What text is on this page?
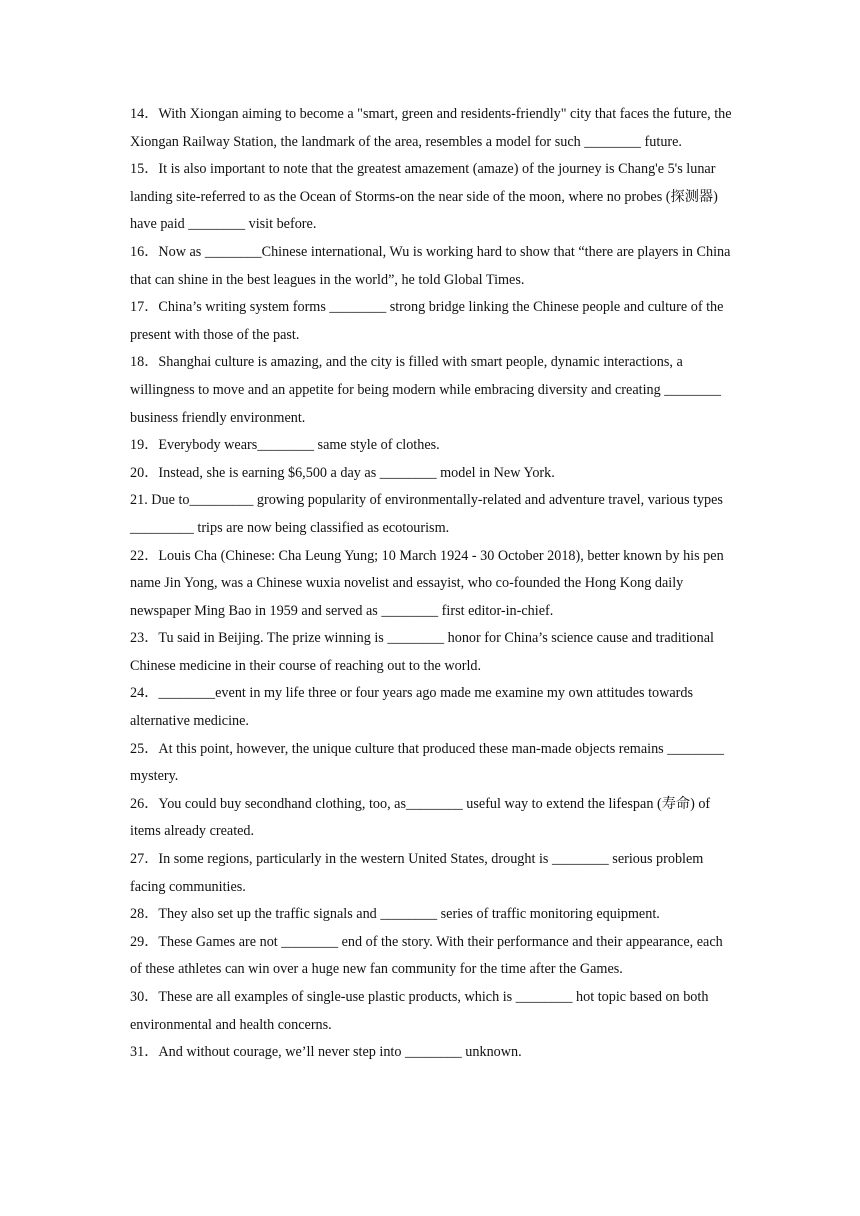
14．With Xiongan aiming to become a "smart, green and residents-friendly" city that faces the future, the Xiongan Railway Station, the landmark of the area, resembles a model for such ________ future.

15．It is also important to note that the greatest amazement (amaze) of the journey is Chang'e 5's lunar landing site-referred to as the Ocean of Storms-on the near side of the moon, where no probes (探测器) have paid ________ visit before.

16．Now as ________Chinese international, Wu is working hard to show that “there are players in China that can shine in the best leagues in the world”, he told Global Times.

17．China’s writing system forms ________ strong bridge linking the Chinese people and culture of the present with those of the past.

18．Shanghai culture is amazing, and the city is filled with smart people, dynamic interactions, a willingness to move and an appetite for being modern while embracing diversity and creating ________ business friendly environment.

19．Everybody wears________ same style of clothes.

20．Instead, she is earning $6,500 a day as ________ model in New York.

21. Due to_________ growing popularity of environmentally-related and adventure travel, various types _________ trips are now being classified as ecotourism.

22．Louis Cha (Chinese: Cha Leung Yung; 10 March 1924 - 30 October 2018), better known by his pen name Jin Yong, was a Chinese wuxia novelist and essayist, who co-founded the Hong Kong daily newspaper Ming Bao in 1959 and served as ________ first editor-in-chief.

23．Tu said in Beijing. The prize winning is ________ honor for China’s science cause and traditional Chinese medicine in their course of reaching out to the world.

24．________event in my life three or four years ago made me examine my own attitudes towards alternative medicine.

25．At this point, however, the unique culture that produced these man-made objects remains ________ mystery.

26．You could buy secondhand clothing, too, as________ useful way to extend the lifespan (寿命) of items already created.

27．In some regions, particularly in the western United States, drought is ________ serious problem facing communities.

28．They also set up the traffic signals and ________ series of traffic monitoring equipment.

29．These Games are not ________ end of the story. With their performance and their appearance, each of these athletes can win over a huge new fan community for the time after the Games.

30．These are all examples of single-use plastic products, which is ________ hot topic based on both environmental and health concerns.

31．And without courage, we’ll never step into ________ unknown.
